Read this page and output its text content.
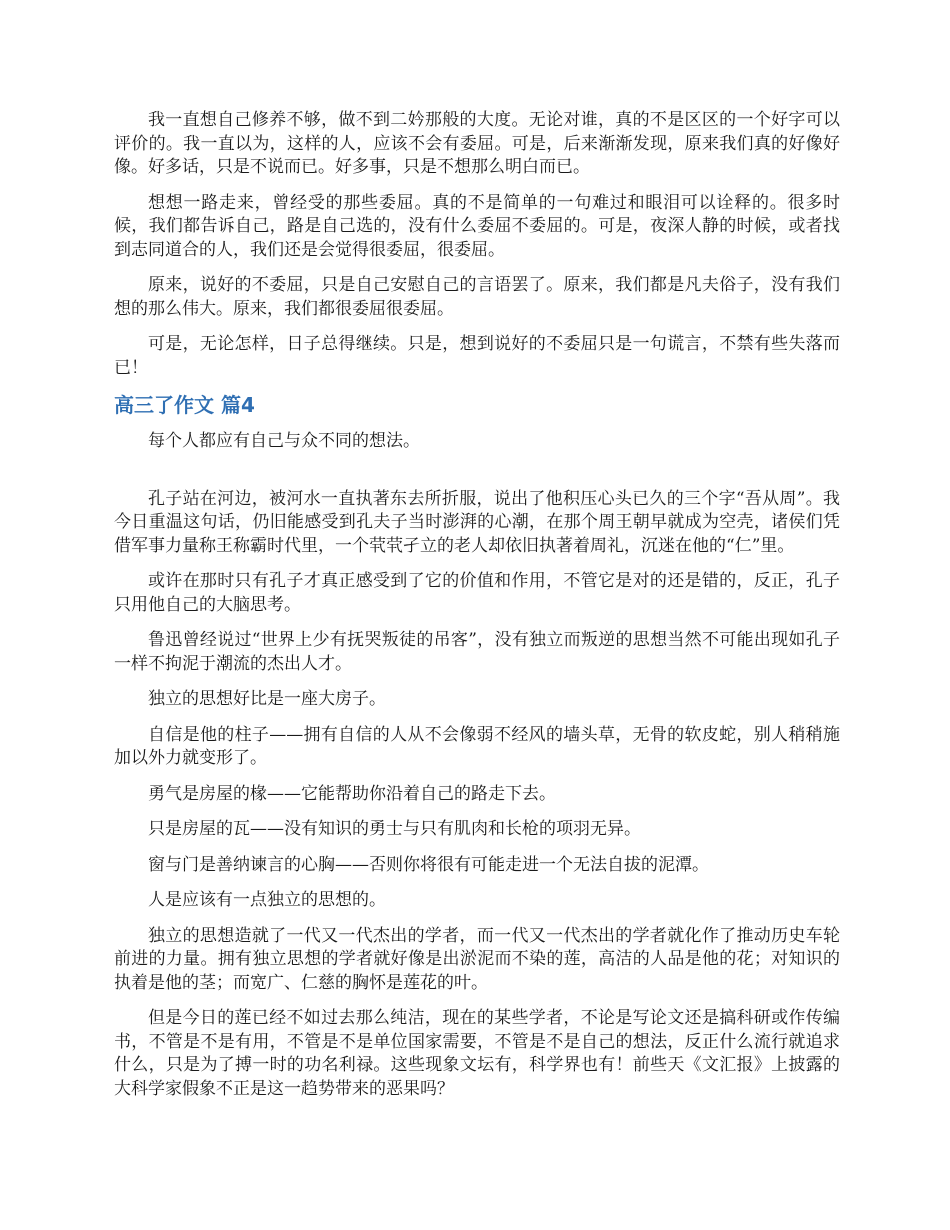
我一直想自己修养不够，做不到二妗那般的大度。无论对谁，真的不是区区的一个好字可以评价的。我一直以为，这样的人，应该不会有委屈。可是，后来渐渐发现，原来我们真的好像好像。好多话，只是不说而已。好多事，只是不想那么明白而已。

想想一路走来，曾经受的那些委屈。真的不是简单的一句难过和眼泪可以诠释的。很多时候，我们都告诉自己，路是自己选的，没有什么委屈不委屈的。可是，夜深人静的时候，或者找到志同道合的人，我们还是会觉得很委屈，很委屈。

原来，说好的不委屈，只是自己安慰自己的言语罢了。原来，我们都是凡夫俗子，没有我们想的那么伟大。原来，我们都很委屈很委屈。

可是，无论怎样，日子总得继续。只是，想到说好的不委屈只是一句谎言，不禁有些失落而已！

高三了作文 篇4

每个人都应有自己与众不同的想法。

孔子站在河边，被河水一直执著东去所折服，说出了他积压心头已久的三个字“吾从周”。我今日重温这句话，仍旧能感受到孔夫子当时澎湃的心潮，在那个周王朝早就成为空壳，诸侯们凭借军事力量称王称霸时代里，一个茕茕孑立的老人却依旧执著着周礼，沉迷在他的“仁”里。

或许在那时只有孔子才真正感受到了它的价值和作用，不管它是对的还是错的，反正，孔子只用他自己的大脑思考。

鲁迅曾经说过“世界上少有抚哭叛徒的吊客”，没有独立而叛逆的思想当然不可能出现如孔子一样不拘泥于潮流的杰出人才。

独立的思想好比是一座大房子。

自信是他的柱子——拥有自信的人从不会像弱不经风的墙头草，无骨的软皮蛇，别人稍稍施加以外力就变形了。

勇气是房屋的椽——它能帮助你沿着自己的路走下去。

只是房屋的瓦——没有知识的勇士与只有肌肉和长枪的项羽无异。

窗与门是善纳谏言的心胸——否则你将很有可能走进一个无法自拔的泥潭。

人是应该有一点独立的思想的。

独立的思想造就了一代又一代杰出的学者，而一代又一代杰出的学者就化作了推动历史车轮前进的力量。拥有独立思想的学者就好像是出淤泥而不染的莲，高洁的人品是他的花；对知识的执着是他的茎；而宽广、仁慈的胸怀是莲花的叶。

但是今日的莲已经不如过去那么纯洁，现在的某些学者，不论是写论文还是搞科研或作传编书，不管是不是有用，不管是不是单位国家需要，不管是不是自己的想法，反正什么流行就追求什么，只是为了搏一时的功名利禄。这些现象文坛有，科学界也有！前些天《文汇报》上披露的大科学家假象不正是这一趋势带来的恶果吗？
